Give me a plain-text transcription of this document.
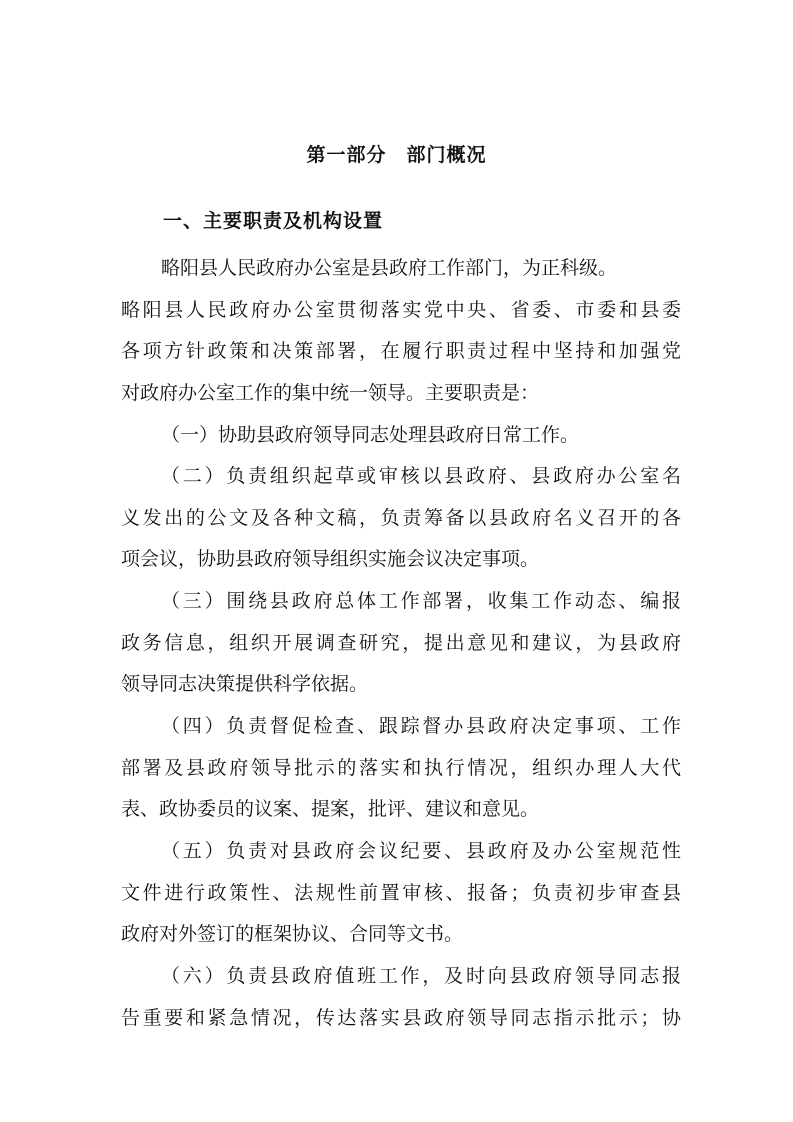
第一部分　部门概况
一、主要职责及机构设置
略阳县人民政府办公室是县政府工作部门，为正科级。
略阳县人民政府办公室贯彻落实党中央、省委、市委和县委
各项方针政策和决策部署，在履行职责过程中坚持和加强党
对政府办公室工作的集中统一领导。主要职责是：
（一）协助县政府领导同志处理县政府日常工作。
（二）负责组织起草或审核以县政府、县政府办公室名
义发出的公文及各种文稿，负责筹备以县政府名义召开的各
项会议，协助县政府领导组织实施会议决定事项。
（三）围绕县政府总体工作部署，收集工作动态、编报
政务信息，组织开展调查研究，提出意见和建议，为县政府
领导同志决策提供科学依据。
（四）负责督促检查、跟踪督办县政府决定事项、工作
部署及县政府领导批示的落实和执行情况，组织办理人大代
表、政协委员的议案、提案，批评、建议和意见。
（五）负责对县政府会议纪要、县政府及办公室规范性
文件进行政策性、法规性前置审核、报备；负责初步审查县
政府对外签订的框架协议、合同等文书。
（六）负责县政府值班工作，及时向县政府领导同志报
告重要和紧急情况，传达落实县政府领导同志指示批示；协
